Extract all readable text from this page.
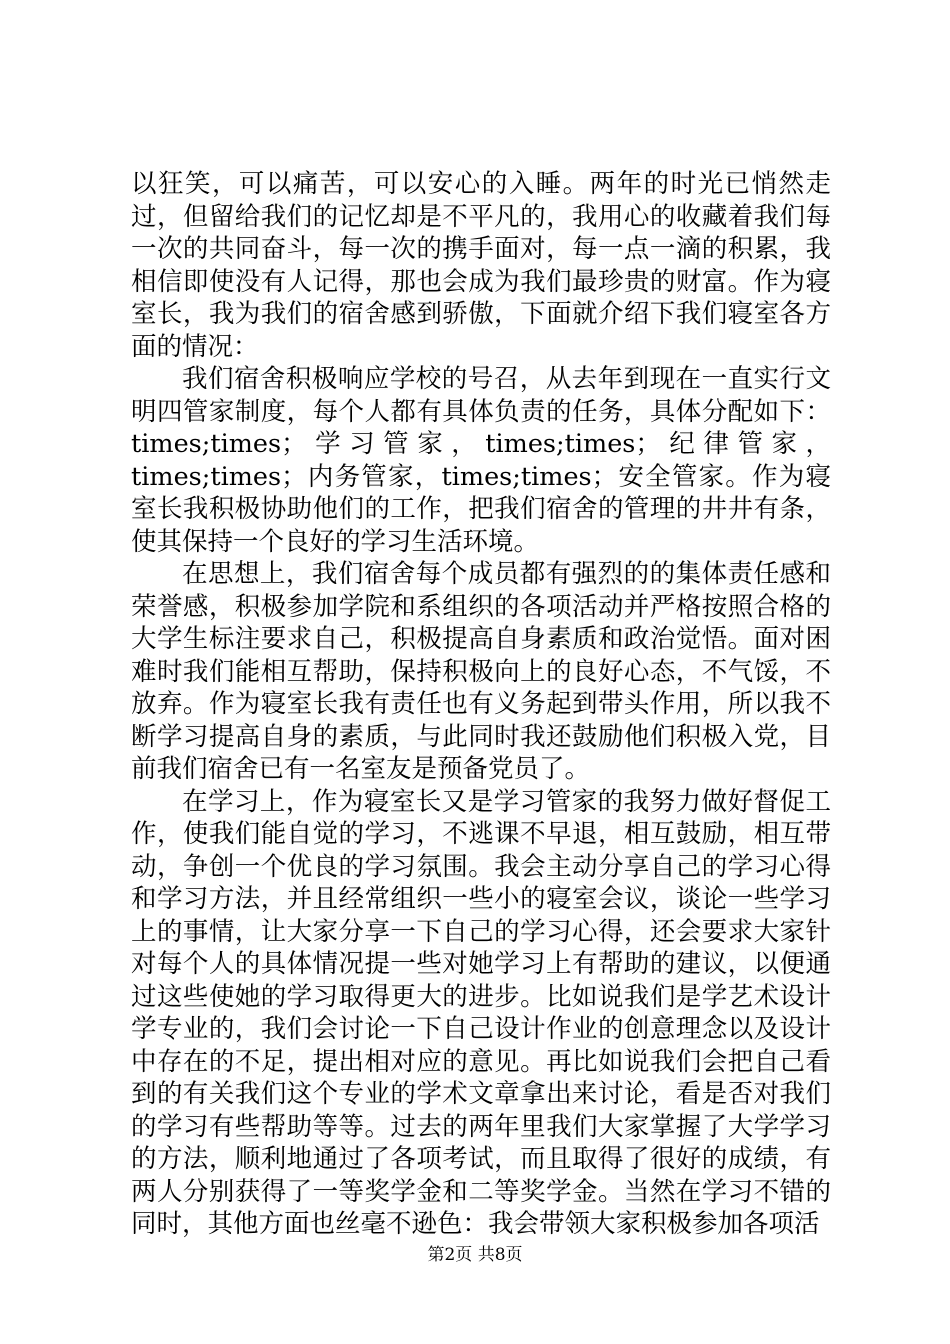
以狂笑，可以痛苦，可以安心的入睡。两年的时光已悄然走过，但留给我们的记忆却是不平凡的，我用心的收藏着我们每一次的共同奋斗，每一次的携手面对，每一点一滴的积累，我相信即使没有人记得，那也会成为我们最珍贵的财富。作为寝室长，我为我们的宿舍感到骄傲，下面就介绍下我们寝室各方面的情况：

我们宿舍积极响应学校的号召，从去年到现在一直实行文明四管家制度，每个人都有具体负责的任务，具体分配如下：times;times；学习管家，times;times；纪律管家，times;times；内务管家，times;times；安全管家。作为寝室长我积极协助他们的工作，把我们宿舍的管理的井井有条，使其保持一个良好的学习生活环境。

在思想上，我们宿舍每个成员都有强烈的的集体责任感和荣誉感，积极参加学院和系组织的各项活动并严格按照合格的大学生标注要求自己，积极提高自身素质和政治觉悟。面对困难时我们能相互帮助，保持积极向上的良好心态，不气馁，不放弃。作为寝室长我有责任也有义务起到带头作用，所以我不断学习提高自身的素质，与此同时我还鼓励他们积极入党，目前我们宿舍已有一名室友是预备党员了。

在学习上，作为寝室长又是学习管家的我努力做好督促工作，使我们能自觉的学习，不逃课不早退，相互鼓励，相互带动，争创一个优良的学习氛围。我会主动分享自己的学习心得和学习方法，并且经常组织一些小的寝室会议，谈论一些学习上的事情，让大家分享一下自己的学习心得，还会要求大家针对每个人的具体情况提一些对她学习上有帮助的建议，以便通过这些使她的学习取得更大的进步。比如说我们是学艺术设计学专业的，我们会讨论一下自己设计作业的创意理念以及设计中存在的不足，提出相对应的意见。再比如说我们会把自己看到的有关我们这个专业的学术文章拿出来讨论，看是否对我们的学习有些帮助等等。过去的两年里我们大家掌握了大学学习的方法，顺利地通过了各项考试，而且取得了很好的成绩，有两人分别获得了一等奖学金和二等奖学金。当然在学习不错的同时，其他方面也丝毫不逊色：我会带领大家积极参加各项活

第2页 共8页
